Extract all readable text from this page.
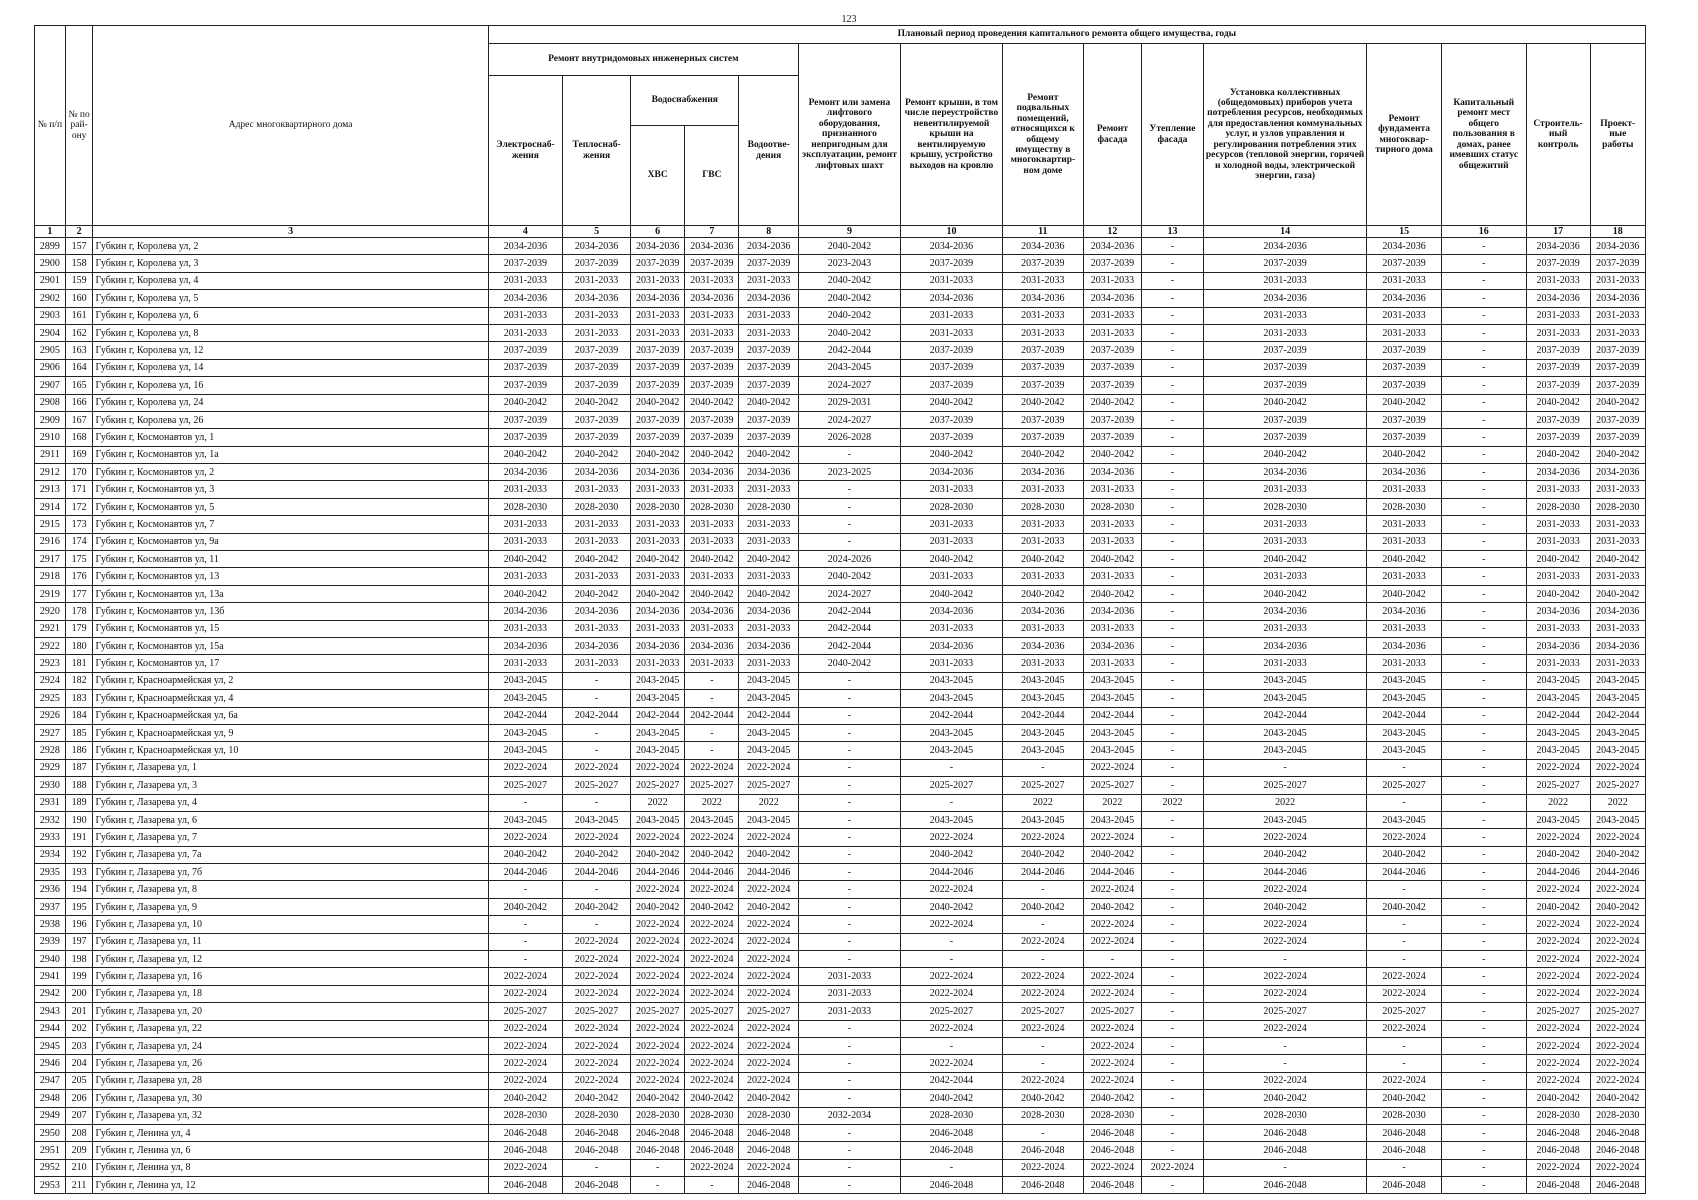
123
№ п/п	№ по рай-ону	Адрес многоквартирного дома	Плановый период проведения капитального ремонта общего имущества, годы														
			Ремонт внутридомовых инженерных систем					Ремонт или замена лифтового оборудования, признанного непригодным для эксплуатации, ремонт лифтовых шахт	Ремонт крыши, в том числе переустройство невентилируемой крыши на вентилируемую крышу, устройство выходов на кровлю	Ремонт подвальных помещений, относящихся к общему имуществу в многоквартир-ном доме	Ремонт фасада	Утепление фасада	Установка коллективных (общедомовых) приборов учета потребления ресурсов, необходимых для предоставления коммунальных услуг, и узлов управления и регулирования потребления этих ресурсов (тепловой энергии, горячей и холодной воды, электрической энергии, газа)	Ремонт фундамента многоквар-тирного дома	Капитальный ремонт мест общего пользования в домах, ранее имевших статус общежитий	Строитель-ный контроль	Проект-ные работы
			Электроснаб-жения	Теплоснаб-жения	Водоснабжения		Водоотве-дения										
					ХВС	ГВС											
1	2	3	4	5	6	7	8	9	10	11	12	13	14	15	16	17	18
2899	157	Губкин г, Королева ул, 2	2034-2036	2034-2036	2034-2036	2034-2036	2034-2036	2040-2042	2034-2036	2034-2036	2034-2036	-	2034-2036	2034-2036	-	2034-2036	2034-2036
2900	158	Губкин г, Королева ул, 3	2037-2039	2037-2039	2037-2039	2037-2039	2037-2039	2023-2043	2037-2039	2037-2039	2037-2039	-	2037-2039	2037-2039	-	2037-2039	2037-2039
2901	159	Губкин г, Королева ул, 4	2031-2033	2031-2033	2031-2033	2031-2033	2031-2033	2040-2042	2031-2033	2031-2033	2031-2033	-	2031-2033	2031-2033	-	2031-2033	2031-2033
2902	160	Губкин г, Королева ул, 5	2034-2036	2034-2036	2034-2036	2034-2036	2034-2036	2040-2042	2034-2036	2034-2036	2034-2036	-	2034-2036	2034-2036	-	2034-2036	2034-2036
2903	161	Губкин г, Королева ул, 6	2031-2033	2031-2033	2031-2033	2031-2033	2031-2033	2040-2042	2031-2033	2031-2033	2031-2033	-	2031-2033	2031-2033	-	2031-2033	2031-2033
2904	162	Губкин г, Королева ул, 8	2031-2033	2031-2033	2031-2033	2031-2033	2031-2033	2040-2042	2031-2033	2031-2033	2031-2033	-	2031-2033	2031-2033	-	2031-2033	2031-2033
2905	163	Губкин г, Королева ул, 12	2037-2039	2037-2039	2037-2039	2037-2039	2037-2039	2042-2044	2037-2039	2037-2039	2037-2039	-	2037-2039	2037-2039	-	2037-2039	2037-2039
2906	164	Губкин г, Королева ул, 14	2037-2039	2037-2039	2037-2039	2037-2039	2037-2039	2043-2045	2037-2039	2037-2039	2037-2039	-	2037-2039	2037-2039	-	2037-2039	2037-2039
2907	165	Губкин г, Королева ул, 16	2037-2039	2037-2039	2037-2039	2037-2039	2037-2039	2024-2027	2037-2039	2037-2039	2037-2039	-	2037-2039	2037-2039	-	2037-2039	2037-2039
2908	166	Губкин г, Королева ул, 24	2040-2042	2040-2042	2040-2042	2040-2042	2040-2042	2029-2031	2040-2042	2040-2042	2040-2042	-	2040-2042	2040-2042	-	2040-2042	2040-2042
2909	167	Губкин г, Королева ул, 26	2037-2039	2037-2039	2037-2039	2037-2039	2037-2039	2024-2027	2037-2039	2037-2039	2037-2039	-	2037-2039	2037-2039	-	2037-2039	2037-2039
2910	168	Губкин г, Космонавтов ул, 1	2037-2039	2037-2039	2037-2039	2037-2039	2037-2039	2026-2028	2037-2039	2037-2039	2037-2039	-	2037-2039	2037-2039	-	2037-2039	2037-2039
2911	169	Губкин г, Космонавтов ул, 1а	2040-2042	2040-2042	2040-2042	2040-2042	2040-2042	-	2040-2042	2040-2042	2040-2042	-	2040-2042	2040-2042	-	2040-2042	2040-2042
2912	170	Губкин г, Космонавтов ул, 2	2034-2036	2034-2036	2034-2036	2034-2036	2034-2036	2023-2025	2034-2036	2034-2036	2034-2036	-	2034-2036	2034-2036	-	2034-2036	2034-2036
2913	171	Губкин г, Космонавтов ул, 3	2031-2033	2031-2033	2031-2033	2031-2033	2031-2033	-	2031-2033	2031-2033	2031-2033	-	2031-2033	2031-2033	-	2031-2033	2031-2033
2914	172	Губкин г, Космонавтов ул, 5	2028-2030	2028-2030	2028-2030	2028-2030	2028-2030	-	2028-2030	2028-2030	2028-2030	-	2028-2030	2028-2030	-	2028-2030	2028-2030
2915	173	Губкин г, Космонавтов ул, 7	2031-2033	2031-2033	2031-2033	2031-2033	2031-2033	-	2031-2033	2031-2033	2031-2033	-	2031-2033	2031-2033	-	2031-2033	2031-2033
2916	174	Губкин г, Космонавтов ул, 9а	2031-2033	2031-2033	2031-2033	2031-2033	2031-2033	-	2031-2033	2031-2033	2031-2033	-	2031-2033	2031-2033	-	2031-2033	2031-2033
2917	175	Губкин г, Космонавтов ул, 11	2040-2042	2040-2042	2040-2042	2040-2042	2040-2042	2024-2026	2040-2042	2040-2042	2040-2042	-	2040-2042	2040-2042	-	2040-2042	2040-2042
2918	176	Губкин г, Космонавтов ул, 13	2031-2033	2031-2033	2031-2033	2031-2033	2031-2033	2040-2042	2031-2033	2031-2033	2031-2033	-	2031-2033	2031-2033	-	2031-2033	2031-2033
2919	177	Губкин г, Космонавтов ул, 13а	2040-2042	2040-2042	2040-2042	2040-2042	2040-2042	2024-2027	2040-2042	2040-2042	2040-2042	-	2040-2042	2040-2042	-	2040-2042	2040-2042
2920	178	Губкин г, Космонавтов ул, 13б	2034-2036	2034-2036	2034-2036	2034-2036	2034-2036	2042-2044	2034-2036	2034-2036	2034-2036	-	2034-2036	2034-2036	-	2034-2036	2034-2036
2921	179	Губкин г, Космонавтов ул, 15	2031-2033	2031-2033	2031-2033	2031-2033	2031-2033	2042-2044	2031-2033	2031-2033	2031-2033	-	2031-2033	2031-2033	-	2031-2033	2031-2033
2922	180	Губкин г, Космонавтов ул, 15а	2034-2036	2034-2036	2034-2036	2034-2036	2034-2036	2042-2044	2034-2036	2034-2036	2034-2036	-	2034-2036	2034-2036	-	2034-2036	2034-2036
2923	181	Губкин г, Космонавтов ул, 17	2031-2033	2031-2033	2031-2033	2031-2033	2031-2033	2040-2042	2031-2033	2031-2033	2031-2033	-	2031-2033	2031-2033	-	2031-2033	2031-2033
2924	182	Губкин г, Красноармейская ул, 2	2043-2045	-	2043-2045	-	2043-2045	-	2043-2045	2043-2045	2043-2045	-	2043-2045	2043-2045	-	2043-2045	2043-2045
2925	183	Губкин г, Красноармейская ул, 4	2043-2045	-	2043-2045	-	2043-2045	-	2043-2045	2043-2045	2043-2045	-	2043-2045	2043-2045	-	2043-2045	2043-2045
2926	184	Губкин г, Красноармейская ул, 6а	2042-2044	2042-2044	2042-2044	2042-2044	2042-2044	-	2042-2044	2042-2044	2042-2044	-	2042-2044	2042-2044	-	2042-2044	2042-2044
2927	185	Губкин г, Красноармейская ул, 9	2043-2045	-	2043-2045	-	2043-2045	-	2043-2045	2043-2045	2043-2045	-	2043-2045	2043-2045	-	2043-2045	2043-2045
2928	186	Губкин г, Красноармейская ул, 10	2043-2045	-	2043-2045	-	2043-2045	-	2043-2045	2043-2045	2043-2045	-	2043-2045	2043-2045	-	2043-2045	2043-2045
2929	187	Губкин г, Лазарева ул, 1	2022-2024	2022-2024	2022-2024	2022-2024	2022-2024	-	-	-	2022-2024	-	-	-	-	2022-2024	2022-2024
2930	188	Губкин г, Лазарева ул, 3	2025-2027	2025-2027	2025-2027	2025-2027	2025-2027	-	2025-2027	2025-2027	2025-2027	-	2025-2027	2025-2027	-	2025-2027	2025-2027
2931	189	Губкин г, Лазарева ул, 4	-	-	2022	2022	2022	-	-	2022	2022	2022	2022	-	-	2022	2022
2932	190	Губкин г, Лазарева ул, 6	2043-2045	2043-2045	2043-2045	2043-2045	2043-2045	-	2043-2045	2043-2045	2043-2045	-	2043-2045	2043-2045	-	2043-2045	2043-2045
2933	191	Губкин г, Лазарева ул, 7	2022-2024	2022-2024	2022-2024	2022-2024	2022-2024	-	2022-2024	2022-2024	2022-2024	-	2022-2024	2022-2024	-	2022-2024	2022-2024
2934	192	Губкин г, Лазарева ул, 7а	2040-2042	2040-2042	2040-2042	2040-2042	2040-2042	-	2040-2042	2040-2042	2040-2042	-	2040-2042	2040-2042	-	2040-2042	2040-2042
2935	193	Губкин г, Лазарева ул, 7б	2044-2046	2044-2046	2044-2046	2044-2046	2044-2046	-	2044-2046	2044-2046	2044-2046	-	2044-2046	2044-2046	-	2044-2046	2044-2046
2936	194	Губкин г, Лазарева ул, 8	-	-	2022-2024	2022-2024	2022-2024	-	2022-2024	-	2022-2024	-	2022-2024	-	-	2022-2024	2022-2024
2937	195	Губкин г, Лазарева ул, 9	2040-2042	2040-2042	2040-2042	2040-2042	2040-2042	-	2040-2042	2040-2042	2040-2042	-	2040-2042	2040-2042	-	2040-2042	2040-2042
2938	196	Губкин г, Лазарева ул, 10	-	-	2022-2024	2022-2024	2022-2024	-	2022-2024	-	2022-2024	-	2022-2024	-	-	2022-2024	2022-2024
2939	197	Губкин г, Лазарева ул, 11	-	2022-2024	2022-2024	2022-2024	2022-2024	-	-	2022-2024	2022-2024	-	2022-2024	-	-	2022-2024	2022-2024
2940	198	Губкин г, Лазарева ул, 12	-	2022-2024	2022-2024	2022-2024	2022-2024	-	-	-	-	-	-	-	-	2022-2024	2022-2024
2941	199	Губкин г, Лазарева ул, 16	2022-2024	2022-2024	2022-2024	2022-2024	2022-2024	2031-2033	2022-2024	2022-2024	2022-2024	-	2022-2024	2022-2024	-	2022-2024	2022-2024
2942	200	Губкин г, Лазарева ул, 18	2022-2024	2022-2024	2022-2024	2022-2024	2022-2024	2031-2033	2022-2024	2022-2024	2022-2024	-	2022-2024	2022-2024	-	2022-2024	2022-2024
2943	201	Губкин г, Лазарева ул, 20	2025-2027	2025-2027	2025-2027	2025-2027	2025-2027	2031-2033	2025-2027	2025-2027	2025-2027	-	2025-2027	2025-2027	-	2025-2027	2025-2027
2944	202	Губкин г, Лазарева ул, 22	2022-2024	2022-2024	2022-2024	2022-2024	2022-2024	-	2022-2024	2022-2024	2022-2024	-	2022-2024	2022-2024	-	2022-2024	2022-2024
2945	203	Губкин г, Лазарева ул, 24	2022-2024	2022-2024	2022-2024	2022-2024	2022-2024	-	-	-	2022-2024	-	-	-	-	2022-2024	2022-2024
2946	204	Губкин г, Лазарева ул, 26	2022-2024	2022-2024	2022-2024	2022-2024	2022-2024	-	2022-2024	-	2022-2024	-	-	-	-	2022-2024	2022-2024
2947	205	Губкин г, Лазарева ул, 28	2022-2024	2022-2024	2022-2024	2022-2024	2022-2024	-	2042-2044	2022-2024	2022-2024	-	2022-2024	2022-2024	-	2022-2024	2022-2024
2948	206	Губкин г, Лазарева ул, 30	2040-2042	2040-2042	2040-2042	2040-2042	2040-2042	-	2040-2042	2040-2042	2040-2042	-	2040-2042	2040-2042	-	2040-2042	2040-2042
2949	207	Губкин г, Лазарева ул, 32	2028-2030	2028-2030	2028-2030	2028-2030	2028-2030	2032-2034	2028-2030	2028-2030	2028-2030	-	2028-2030	2028-2030	-	2028-2030	2028-2030
2950	208	Губкин г, Ленина ул, 4	2046-2048	2046-2048	2046-2048	2046-2048	2046-2048	-	2046-2048	-	2046-2048	-	2046-2048	2046-2048	-	2046-2048	2046-2048
2951	209	Губкин г, Ленина ул, 6	2046-2048	2046-2048	2046-2048	2046-2048	2046-2048	-	2046-2048	2046-2048	2046-2048	-	2046-2048	2046-2048	-	2046-2048	2046-2048
2952	210	Губкин г, Ленина ул, 8	2022-2024	-	-	2022-2024	2022-2024	-	-	2022-2024	2022-2024	2022-2024	-	-	-	2022-2024	2022-2024
2953	211	Губкин г, Ленина ул, 12	2046-2048	2046-2048	-	-	2046-2048	-	2046-2048	2046-2048	2046-2048	-	2046-2048	2046-2048	-	2046-2048	2046-2048
